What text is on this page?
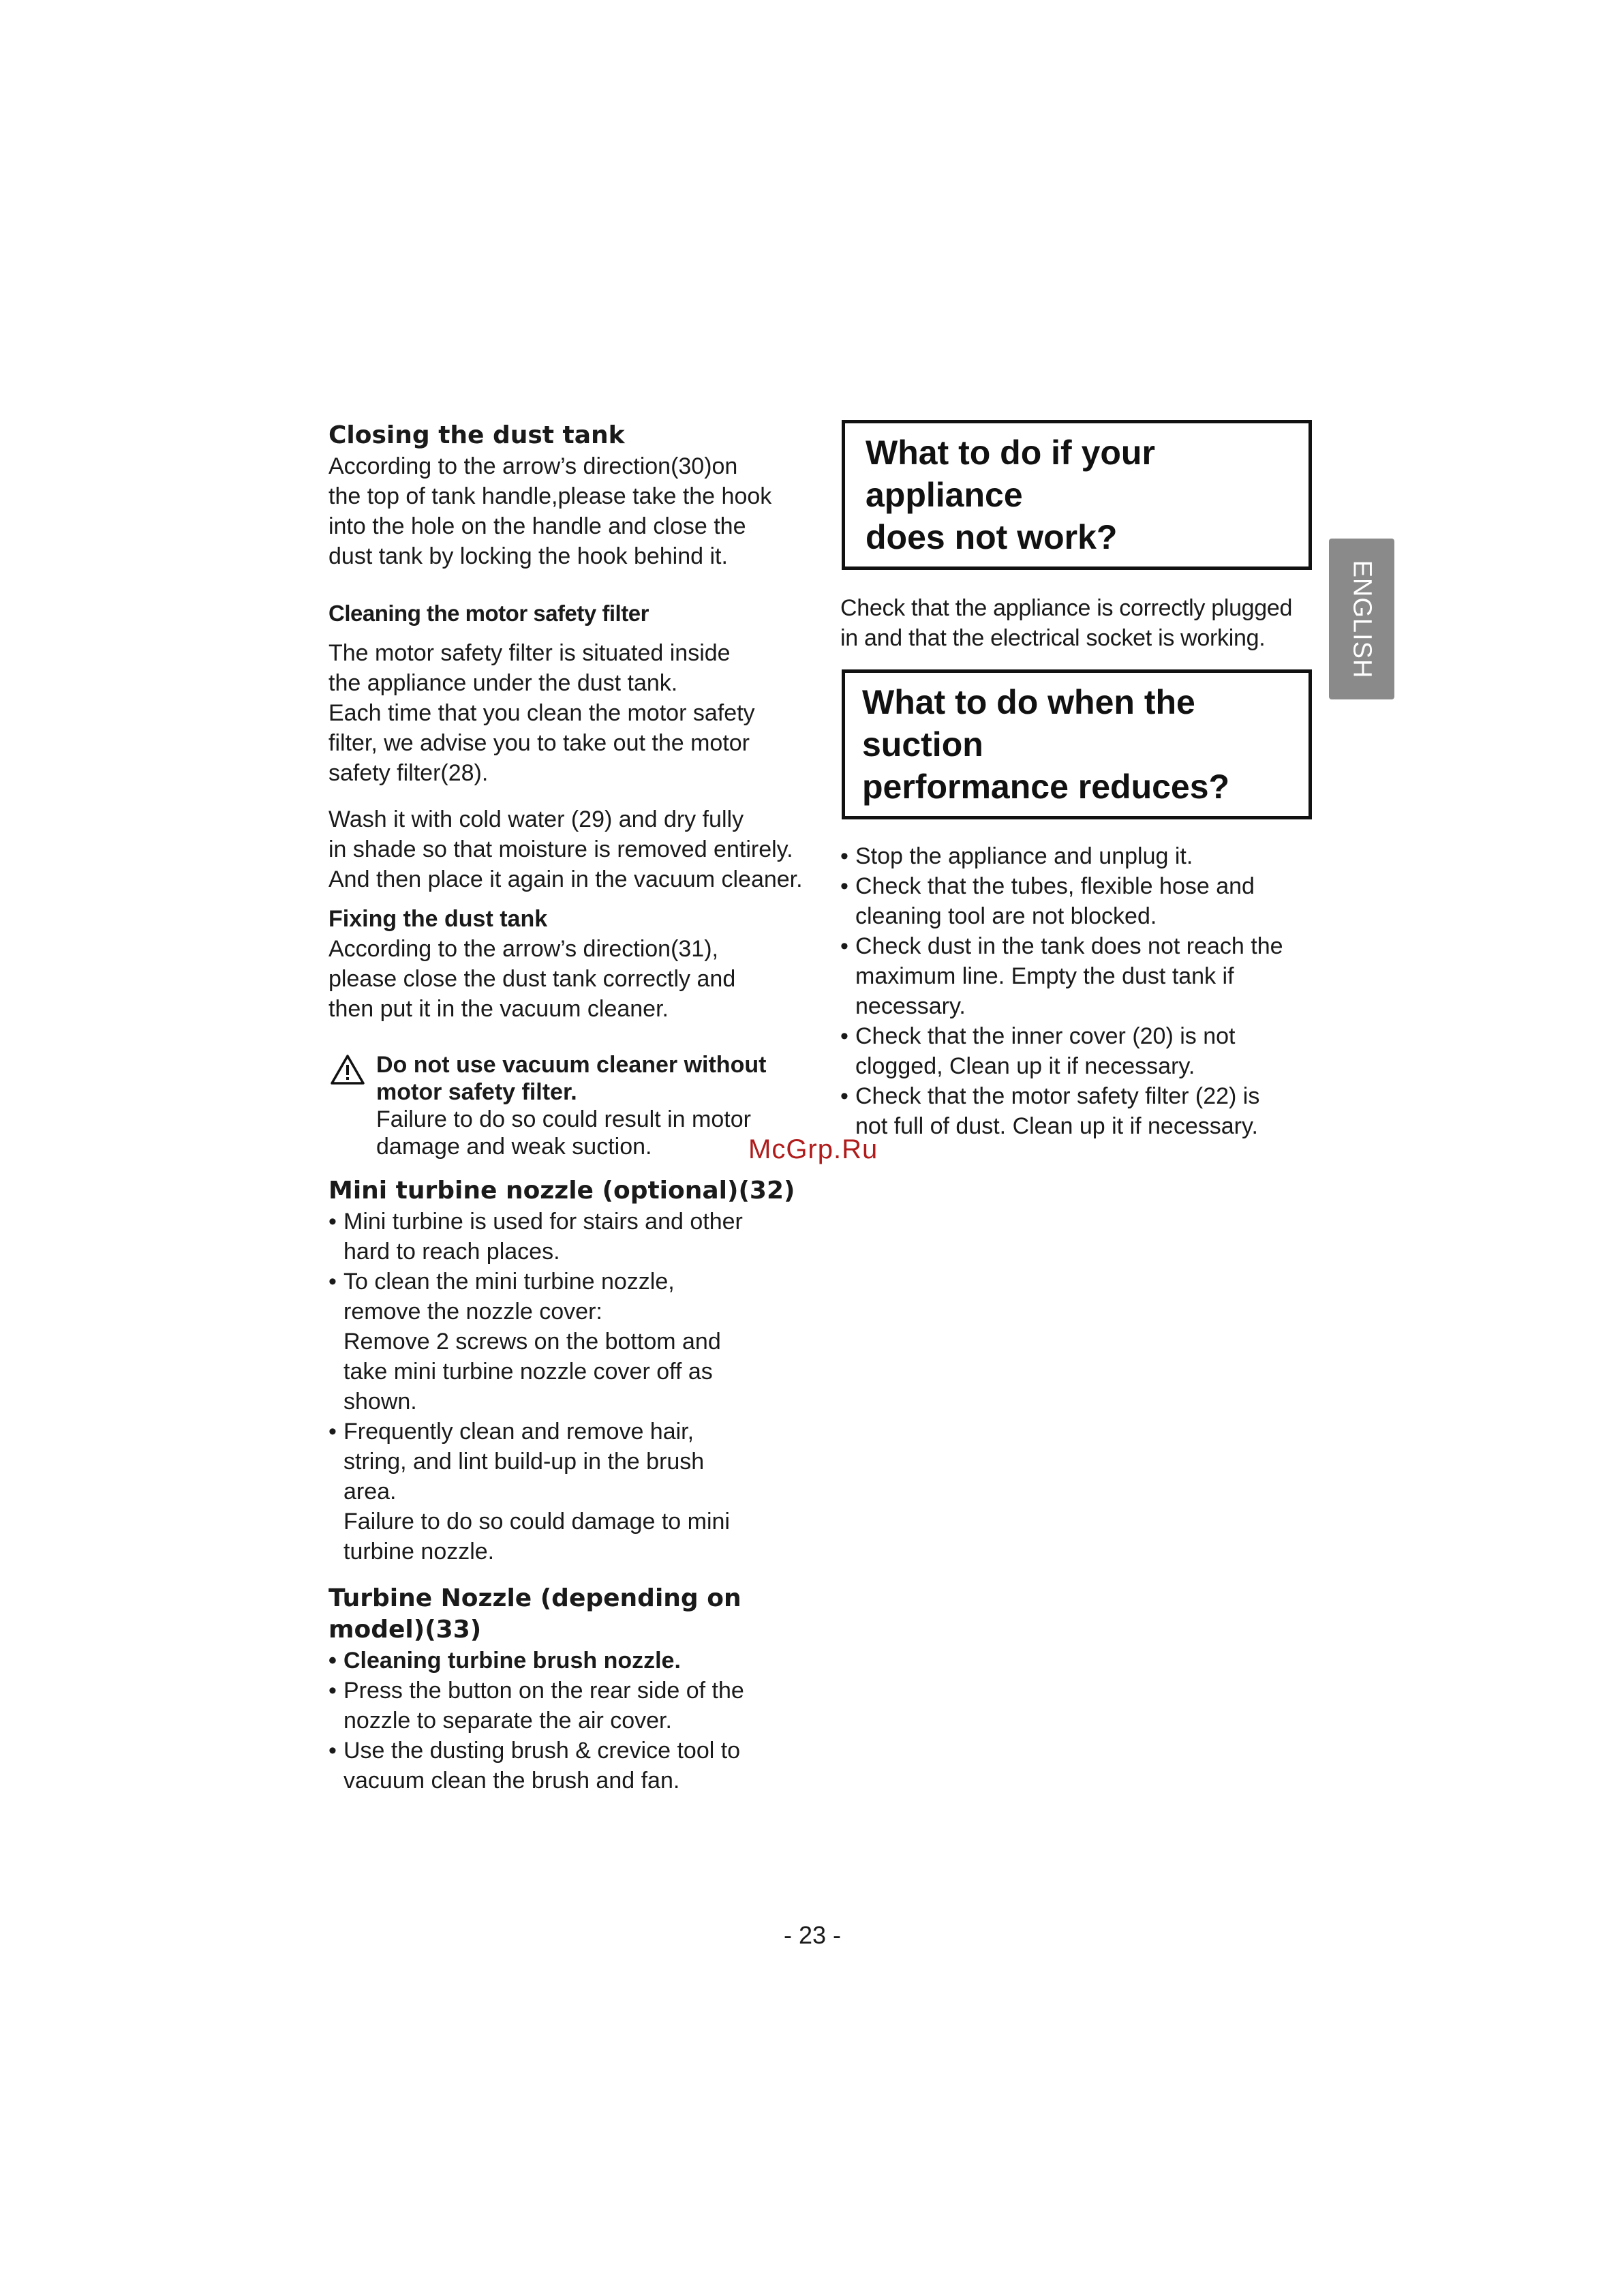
Closing the dust tank

According to the arrow’s direction(30)on

the top of tank handle,please take the hook

into the hole on the handle and close the

dust tank by locking the hook behind it.

Cleaning the motor safety filter

The motor safety filter is situated inside

the appliance under the dust tank.

Each time that you clean the motor safety

filter, we advise you to take out the motor

safety filter(28).

Wash it with cold water (29) and dry fully

in shade so that moisture is removed entirely.

And then place it again in the vacuum cleaner.

Fixing the dust tank

According to the arrow’s direction(31),

please close the dust tank correctly and

then put it in the vacuum cleaner.

Do not use vacuum cleaner without

motor safety filter.

Failure to do so could result in motor

damage and weak suction.

Mini turbine nozzle (optional)(32)

• Mini turbine is used for stairs and other

hard to reach places.

• To clean the mini turbine nozzle,

remove the nozzle cover:

Remove 2 screws on the bottom and

take mini turbine nozzle cover off as

shown.

• Frequently clean and remove hair,

string, and lint build-up in the brush

area.

Failure to do so could damage to mini

turbine nozzle.

Turbine Nozzle (depending on
model)(33)

• Cleaning turbine brush nozzle.

• Press the button on the rear side of the

nozzle to separate the air cover.

• Use the dusting brush & crevice tool to

vacuum clean the brush and fan.

What to do if your appliance

does not work?

Check that the appliance is correctly plugged

in and that the electrical socket is working.

What to do when the suction

performance reduces?

• Stop the appliance and unplug it.

• Check that the tubes, flexible hose and

cleaning tool are not blocked.

• Check dust in the tank does not reach the

maximum line. Empty the dust tank if

necessary.

• Check that the inner cover (20) is not

clogged, Clean up it if necessary.

• Check that the motor safety filter (22) is

not full of dust. Clean up it if necessary.

ENGLISH
McGrp.Ru
- 23 -
